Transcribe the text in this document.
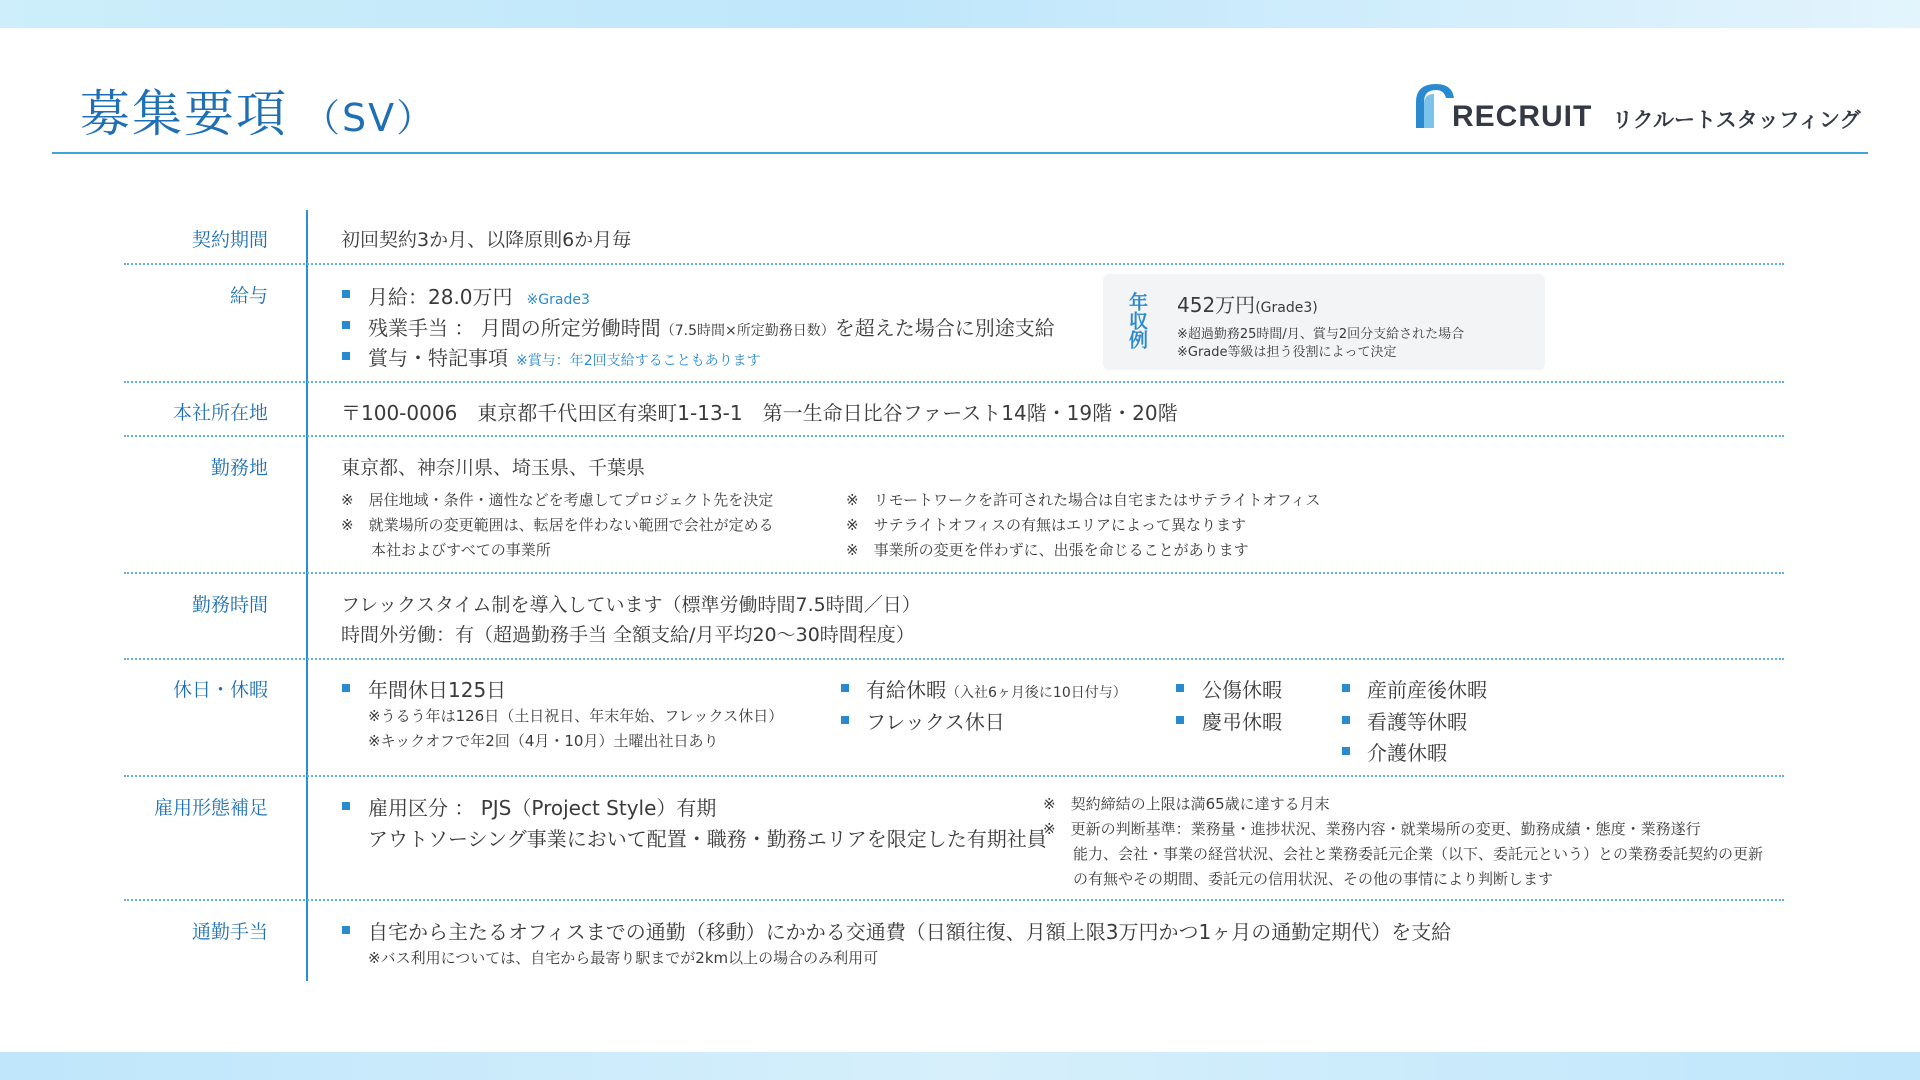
募集要項 （SV）	RECRUIT リクルートスタッフィング
契約期間	初回契約3か月、以降原則6か月毎
給与	月給：28.0万円 ※Grade3
残業手当 ： 月間の所定労働時間（7.5時間×所定勤務日数）を超えた場合に別途支給
賞与・特記事項 ※賞与：年2回支給することもあります
年収例 452万円(Grade3)
※超過勤務25時間/月、賞与2回分支給された場合
※Grade等級は担う役割によって決定
本社所在地	〒100-0006　東京都千代田区有楽町1-13-1　第一生命日比谷ファースト14階・19階・20階
勤務地	東京都、神奈川県、埼玉県、千葉県
※　居住地域・条件・適性などを考慮してプロジェクト先を決定
※　就業場所の変更範囲は、転居を伴わない範囲で会社が定める
　　本社およびすべての事業所
※　リモートワークを許可された場合は自宅またはサテライトオフィス
※　サテライトオフィスの有無はエリアによって異なります
※　事業所の変更を伴わずに、出張を命じることがあります
勤務時間	フレックスタイム制を導入しています（標準労働時間7.5時間／日）
時間外労働：有（超過勤務手当 全額支給/月平均20～30時間程度）
休日・休暇	年間休日125日
※うるう年は126日（土日祝日、年末年始、フレックス休日）
※キックオフで年2回（4月・10月）土曜出社日あり
有給休暇（入社6ヶ月後に10日付与）
フレックス休日
公傷休暇
慶弔休暇
産前産後休暇
看護等休暇
介護休暇
雇用形態補足	雇用区分 ： PJS（Project Style）有期
アウトソーシング事業において配置・職務・勤務エリアを限定した有期社員
※　契約締結の上限は満65歳に達する月末
※　更新の判断基準：業務量・進捗状況、業務内容・就業場所の変更、勤務成績・態度・業務遂行
　　能力、会社・事業の経営状況、会社と業務委託元企業（以下、委託元という）との業務委託契約の更新
　　の有無やその期間、委託元の信用状況、その他の事情により判断します
通勤手当	自宅から主たるオフィスまでの通勤（移動）にかかる交通費（日額往復、月額上限3万円かつ1ヶ月の通勤定期代）を支給
※バス利用については、自宅から最寄り駅までが2km以上の場合のみ利用可
